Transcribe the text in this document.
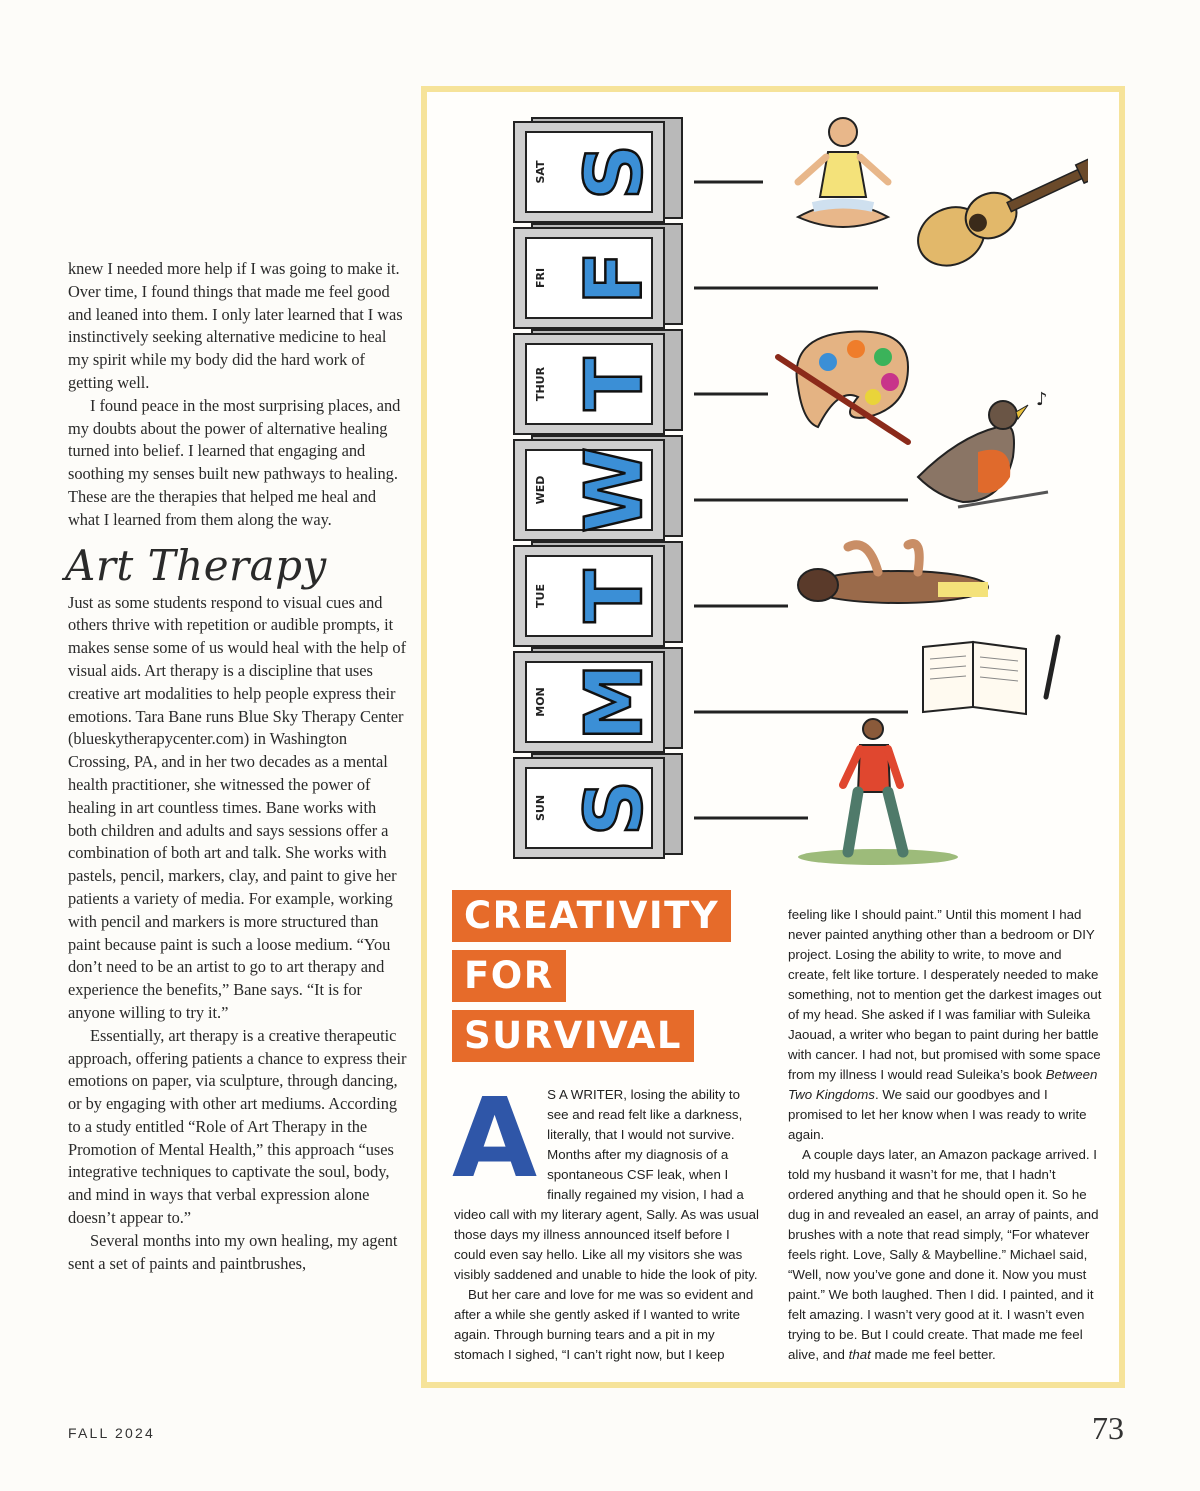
knew I needed more help if I was going to make it. Over time, I found things that made me feel good and leaned into them. I only later learned that I was instinctively seeking alternative medicine to heal my spirit while my body did the hard work of getting well.

I found peace in the most surprising places, and my doubts about the power of alternative healing turned into belief. I learned that engaging and soothing my senses built new pathways to healing. These are the therapies that helped me heal and what I learned from them along the way.

Art Therapy

Just as some students respond to visual cues and others thrive with repetition or audible prompts, it makes sense some of us would heal with the help of visual aids. Art therapy is a discipline that uses creative art modalities to help people express their emotions. Tara Bane runs Blue Sky Therapy Center (blueskytherapycenter.com) in Washington Crossing, PA, and in her two decades as a mental health practitioner, she witnessed the power of healing in art countless times. Bane works with both children and adults and says sessions offer a combination of both art and talk. She works with pastels, pencil, markers, clay, and paint to give her patients a variety of media. For example, working with pencil and markers is more structured than paint because paint is such a loose medium. “You don’t need to be an artist to go to art therapy and experience the benefits,” Bane says. “It is for anyone willing to try it.”

Essentially, art therapy is a creative therapeutic approach, offering patients a chance to express their emotions on paper, via sculpture, through dancing, or by engaging with other art mediums. According to a study entitled “Role of Art Therapy in the Promotion of Mental Health,” this approach “uses integrative techniques to captivate the soul, body, and mind in ways that verbal expression alone doesn’t appear to.”

Several months into my own healing, my agent sent a set of paints and paintbrushes,

SAT S
FRI F
THUR T
WED W
TUE T
MON M
SUN S
♪
CREATIVITY
FOR
SURVIVAL

A S A WRITER, losing the ability to see and read felt like a darkness, literally, that I would not survive. Months after my diagnosis of a spontaneous CSF leak, when I finally regained my vision, I had a video call with my literary agent, Sally. As was usual those days my illness announced itself before I could even say hello. Like all my visitors she was visibly saddened and unable to hide the look of pity.

But her care and love for me was so evident and after a while she gently asked if I wanted to write again. Through burning tears and a pit in my stomach I sighed, “I can’t right now, but I keep

feeling like I should paint.” Until this moment I had never painted anything other than a bedroom or DIY project. Losing the ability to write, to move and create, felt like torture. I desperately needed to make something, not to mention get the darkest images out of my head. She asked if I was familiar with Suleika Jaouad, a writer who began to paint during her battle with cancer. I had not, but promised with some space from my illness I would read Suleika’s book Between Two Kingdoms. We said our goodbyes and I promised to let her know when I was ready to write again.

A couple days later, an Amazon package arrived. I told my husband it wasn’t for me, that I hadn’t ordered anything and that he should open it. So he dug in and revealed an easel, an array of paints, and brushes with a note that read simply, “For whatever feels right. Love, Sally & Maybelline.” Michael said, “Well, now you’ve gone and done it. Now you must paint.” We both laughed. Then I did. I painted, and it felt amazing. I wasn’t very good at it. I wasn’t even trying to be. But I could create. That made me feel alive, and that made me feel better.

FALL 2024	73
